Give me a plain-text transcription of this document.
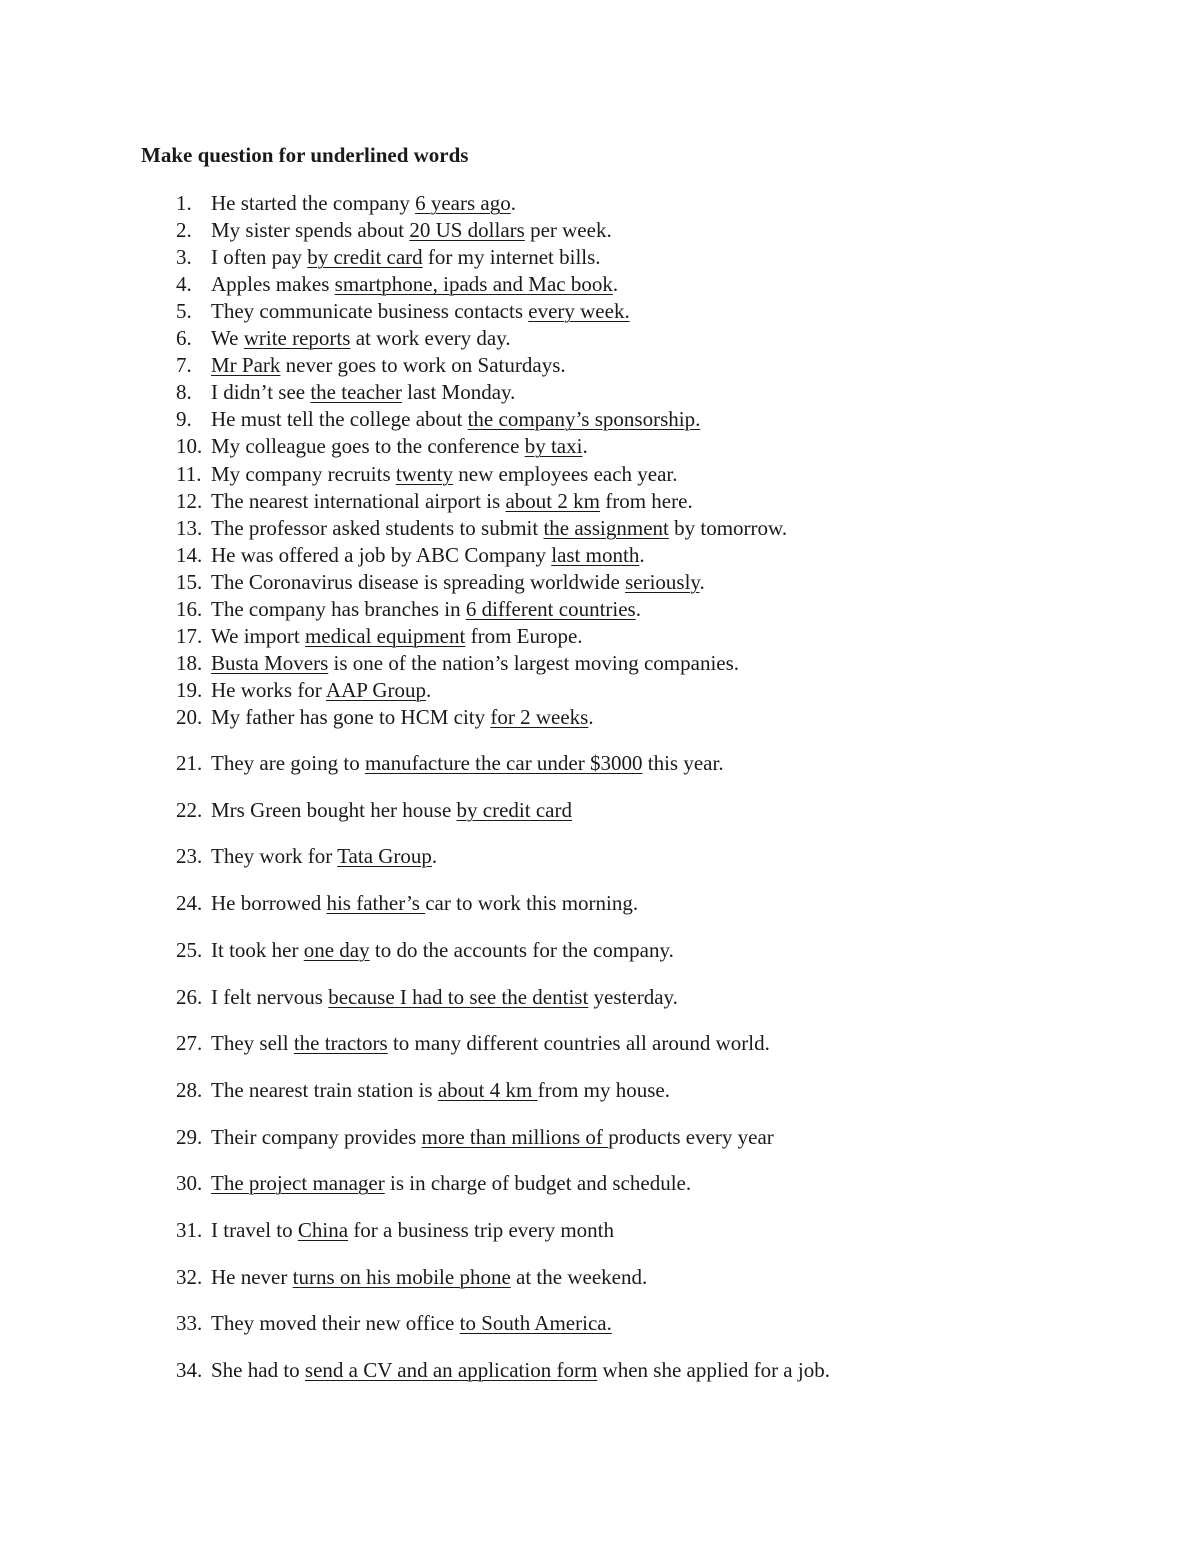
Make question for underlined words
1. He started the company 6 years ago.
2. My sister spends about 20 US dollars per week.
3. I often pay by credit card for my internet bills.
4. Apples makes smartphone, ipads and Mac book.
5. They communicate business contacts every week.
6. We write reports at work every day.
7. Mr Park never goes to work on Saturdays.
8. I didn’t see the teacher last Monday.
9. He must tell the college about the company’s sponsorship.
10. My colleague goes to the conference by taxi.
11. My company recruits twenty new employees each year.
12. The nearest international airport is about 2 km from here.
13. The professor asked students to submit the assignment by tomorrow.
14. He was offered a job by ABC Company last month.
15. The Coronavirus disease is spreading worldwide seriously.
16. The company has branches in 6 different countries.
17. We import medical equipment from Europe.
18. Busta Movers is one of the nation’s largest moving companies.
19. He works for AAP Group.
20. My father has gone to HCM city for 2 weeks.
21. They are going to manufacture the car under $3000 this year.
22. Mrs Green bought her house by credit card
23. They work for Tata Group.
24. He borrowed his father’s car to work this morning.
25. It took her one day to do the accounts for the company.
26. I felt nervous because I had to see the dentist yesterday.
27. They sell the tractors to many different countries all around world.
28. The nearest train station is about 4 km from my house.
29. Their company provides more than millions of products every year
30. The project manager is in charge of budget and schedule.
31. I travel to China for a business trip every month
32. He never turns on his mobile phone at the weekend.
33. They moved their new office to South America.
34. She had to send a CV and an application form when she applied for a job.
